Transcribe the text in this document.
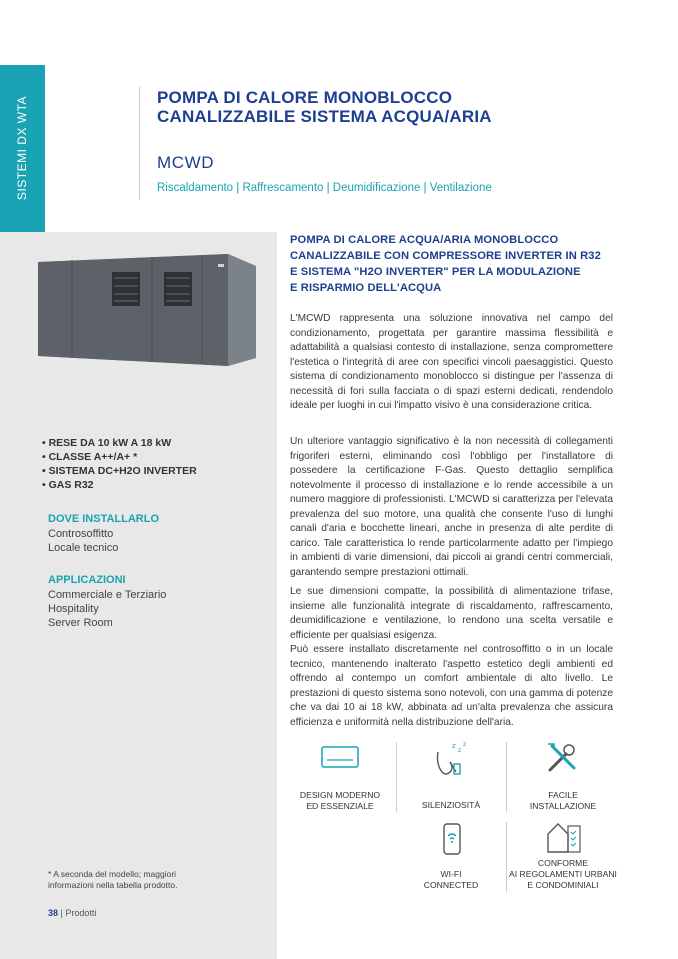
SISTEMI DX WTA	POMPA DI CALORE MONOBLOCCO
CANALIZZABILE SISTEMA ACQUA/ARIA
MCWD
Riscaldamento | Raffrescamento | Deumidificazione | Ventilazione
• RESE DA 10 kW A 18 kW
• CLASSE A++/A+ *
• SISTEMA DC+H2O INVERTER
• GAS R32
DOVE INSTALLARLO
Controsoffitto
Locale tecnico
APPLICAZIONI
Commerciale e Terziario
Hospitality
Server Room
* A seconda del modello; maggiori
informazioni nella tabella prodotto.
38 | Prodotti
POMPA DI CALORE ACQUA/ARIA MONOBLOCCO
CANALIZZABILE CON COMPRESSORE INVERTER IN R32
E SISTEMA "H2O INVERTER" PER LA MODULAZIONE
E RISPARMIO DELL'ACQUA

L'MCWD rappresenta una soluzione innovativa nel campo del condizionamento, progettata per garantire massima flessibilità e adattabilità a qualsiasi contesto di installazione, senza compromettere l'estetica o l'integrità di aree con specifici vincoli paesaggistici. Questo sistema di condizionamento monoblocco si distingue per l'assenza di necessità di fori sulla facciata o di spazi esterni dedicati, rendendolo ideale per luoghi in cui l'impatto visivo è una considerazione critica.

Un ulteriore vantaggio significativo è la non necessità di collegamenti frigoriferi esterni, eliminando così l'obbligo per l'installatore di possedere la certificazione F-Gas. Questo dettaglio semplifica notevolmente il processo di installazione e lo rende accessibile a un numero maggiore di professionisti. L'MCWD si caratterizza per l'elevata prevalenza del suo motore, una qualità che consente l'uso di lunghi canali d'aria e bocchette lineari, anche in presenza di alte perdite di carico. Tale caratteristica lo rende particolarmente adatto per l'impiego in ambienti di varie dimensioni, dai piccoli ai grandi centri commerciali, garantendo sempre prestazioni ottimali.

Le sue dimensioni compatte, la possibilità di alimentazione trifase, insieme alle funzionalità integrate di riscaldamento, raffrescamento, deumidificazione e ventilazione, lo rendono una scelta versatile e efficiente per qualsiasi esigenza.

Può essere installato discretamente nel controsoffitto o in un locale tecnico, mantenendo inalterato l'aspetto estetico degli ambienti ed offrendo al contempo un comfort ambientale di alto livello. Le prestazioni di questo sistema sono notevoli, con una gamma di potenze che va dai 10 ai 18 kW, abbinata ad un'alta prevalenza che assicura efficienza e uniformità nella distribuzione dell'aria.

DESIGN MODERNO
ED ESSENZIALE
z
z
z
SILENZIOSITÀ
FACILE
INSTALLAZIONE
WI-FI
CONNECTED
CONFORME
AI REGOLAMENTI URBANI
E CONDOMINIALI
